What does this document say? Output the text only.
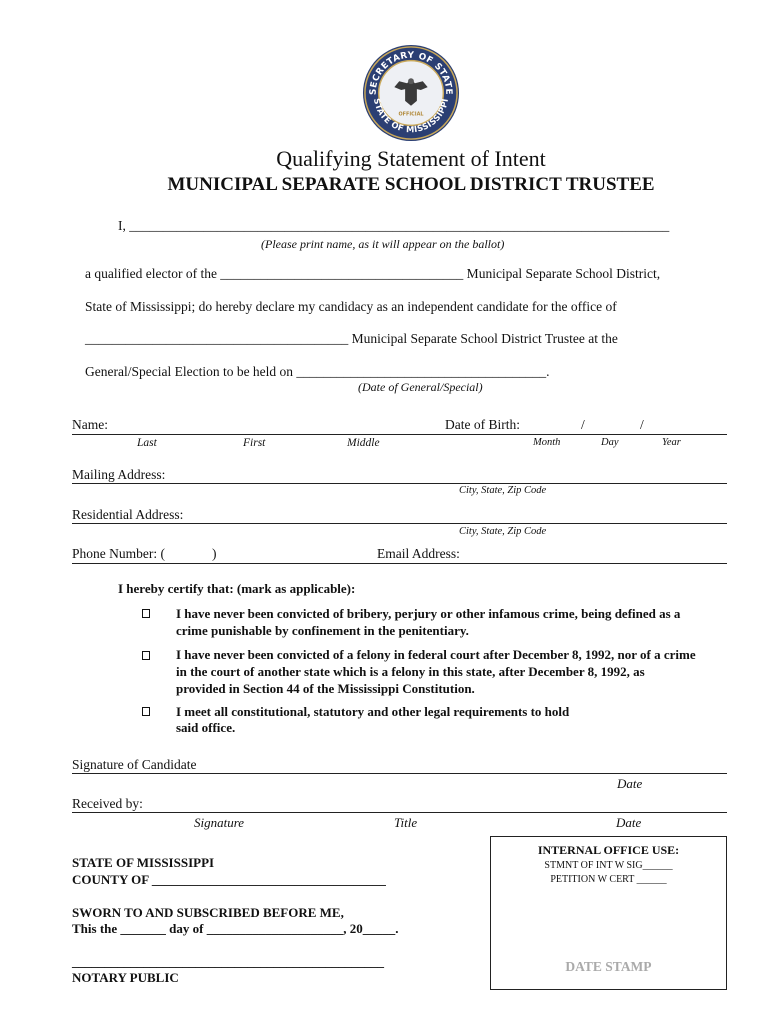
SECRETARY OF STATE
STATE OF MISSISSIPPI
OFFICIAL
Qualifying Statement of Intent
MUNICIPAL SEPARATE SCHOOL DISTRICT TRUSTEE
I, ________________________________________________________________________________
(Please print name, as it will appear on the ballot)
a qualified elector of the ____________________________________ Municipal Separate School District,
State of Mississippi; do hereby declare my candidacy as an independent candidate for the office of
_______________________________________ Municipal Separate School District Trustee at the
General/Special Election to be held on _____________________________________.
(Date of General/Special)
Name:	Date of Birth:	/	/
Last	First	Middle	Month	Day	Year
Mailing Address:
City, State, Zip Code
Residential Address:
City, State, Zip Code
Phone Number: (	)	Email Address:
I hereby certify that: (mark as applicable):
I have never been convicted of bribery, perjury or other infamous crime, being defined as a
crime punishable by confinement in the penitentiary.
I have never been convicted of a felony in federal court after December 8, 1992, nor of a crime
in the court of another state which is a felony in this state, after December 8, 1992, as
provided in Section 44 of the Mississippi Constitution.
I meet all constitutional, statutory and other legal requirements to hold
said office.
Signature of Candidate
Date
Received by:
Signature	Title	Date
STATE OF MISSISSIPPI
COUNTY OF ____________________________________
SWORN TO AND SUBSCRIBED BEFORE ME,
This the _______ day of _____________________, 20_____.
________________________________________________
NOTARY PUBLIC
INTERNAL OFFICE USE:
STMNT OF INT W SIG______
PETITION W CERT ______
DATE STAMP
